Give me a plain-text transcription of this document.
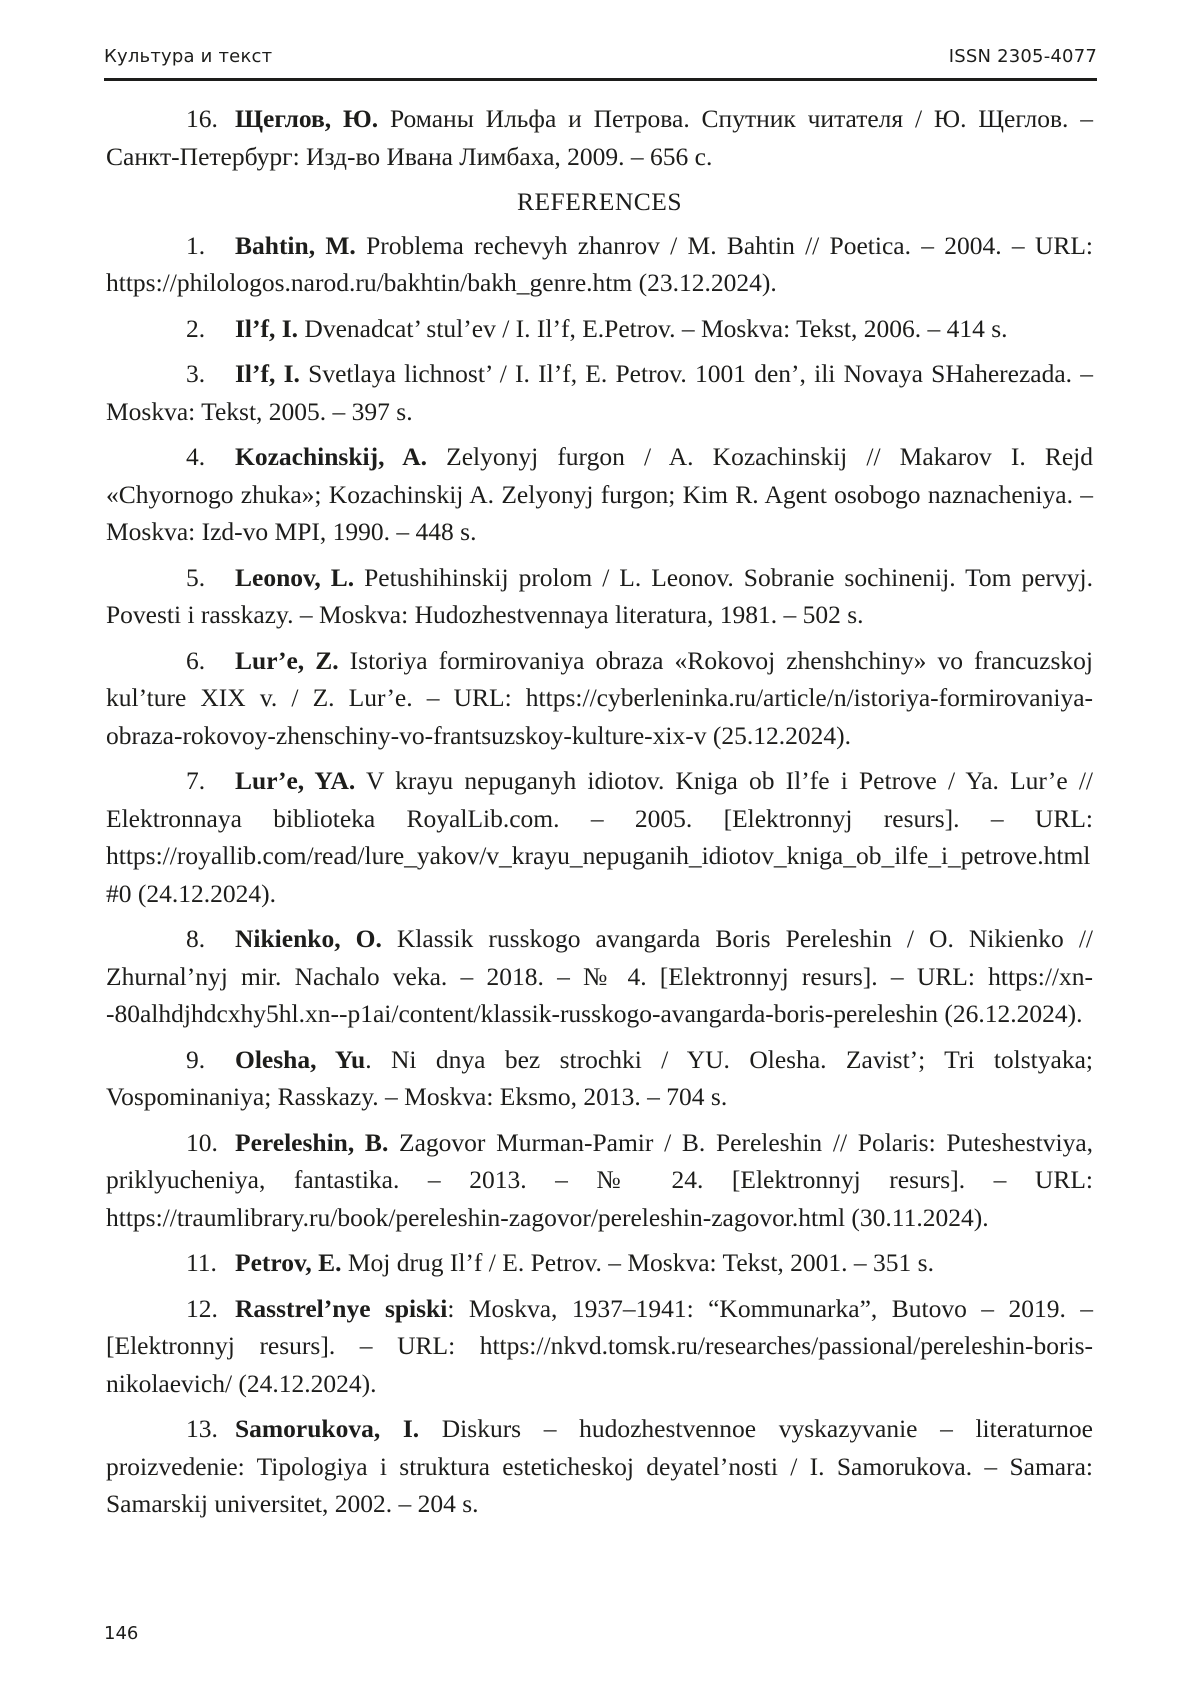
Культура и текст	ISSN 2305-4077

16. Щеглов, Ю. Романы Ильфа и Петрова. Спутник читателя / Ю. Щеглов. – Санкт-Петербург: Изд-во Ивана Лимбаха, 2009. – 656 с.

REFERENCES

1. Bahtin, M. Problema rechevyh zhanrov / M. Bahtin // Poetica. – 2004. – URL: https://philologos.narod.ru/bakhtin/bakh_genre.htm (23.12.2024).

2. Il’f, I. Dvenadcat’ stul’ev / I. Il’f, E.Petrov. – Moskva: Tekst, 2006. – 414 s.

3. Il’f, I. Svetlaya lichnost’ / I. Il’f, E. Petrov. 1001 den’, ili Novaya SHaherezada. – Moskva: Tekst, 2005. – 397 s.

4. Kozachinskij, A. Zelyonyj furgon / A. Kozachinskij // Makarov I. Rejd «Chyornogo zhuka»; Kozachinskij A. Zelyonyj furgon; Kim R. Agent osobogo naznacheniya. – Moskva: Izd-vo MPI, 1990. – 448 s.

5. Leonov, L. Petushihinskij prolom / L. Leonov. Sobranie sochinenij. Tom pervyj. Povesti i rasskazy. – Moskva: Hudozhestvennaya literatura, 1981. – 502 s.

6. Lur’e, Z. Istoriya formirovaniya obraza «Rokovoj zhenshchiny» vo francuzskoj kul’ture XIX v. / Z. Lur’e. – URL: https://cyberleninka.ru/article/n/istoriya-formirovaniya-obraza-rokovoy-zhenschiny-vo-frantsuzskoy-kulture-xix-v (25.12.2024).

7. Lur’e, YA. V krayu nepuganyh idiotov. Kniga ob Il’fe i Petrove / Ya. Lur’e // Elektronnaya biblioteka RoyalLib.com. – 2005. [Elektronnyj resurs]. – URL: https://royallib.com/read/lure_yakov/v_krayu_nepuganih_idiotov_kniga_ob_ilfe_i_petrove.html#0 (24.12.2024).

8. Nikienko, O. Klassik russkogo avangarda Boris Pereleshin / O. Nikienko // Zhurnal’nyj mir. Nachalo veka. – 2018. – № 4. [Elektronnyj resurs]. – URL: https://xn--80alhdjhdcxhy5hl.xn--p1ai/content/klassik-russkogo-avangarda-boris-pereleshin (26.12.2024).

9. Olesha, Yu. Ni dnya bez strochki / YU. Olesha. Zavist’; Tri tolstyaka; Vospominaniya; Rasskazy. – Moskva: Eksmo, 2013. – 704 s.

10. Pereleshin, B. Zagovor Murman-Pamir / B. Pereleshin // Polaris: Puteshestviya, priklyucheniya, fantastika. – 2013. – № 24. [Elektronnyj resurs]. – URL: https://traumlibrary.ru/book/pereleshin-zagovor/pereleshin-zagovor.html (30.11.2024).

11. Petrov, E. Moj drug Il’f / E. Petrov. – Moskva: Tekst, 2001. – 351 s.

12. Rasstrel’nye spiski: Moskva, 1937–1941: “Kommunarka”, Butovo – 2019. – [Elektronnyj resurs]. – URL: https://nkvd.tomsk.ru/researches/passional/pereleshin-boris-nikolaevich/ (24.12.2024).

13. Samorukova, I. Diskurs – hudozhestvennoe vyskazyvanie – literaturnoe proizvedenie: Tipologiya i struktura esteticheskoj deyatel’nosti / I. Samorukova. – Samara: Samarskij universitet, 2002. – 204 s.

146
